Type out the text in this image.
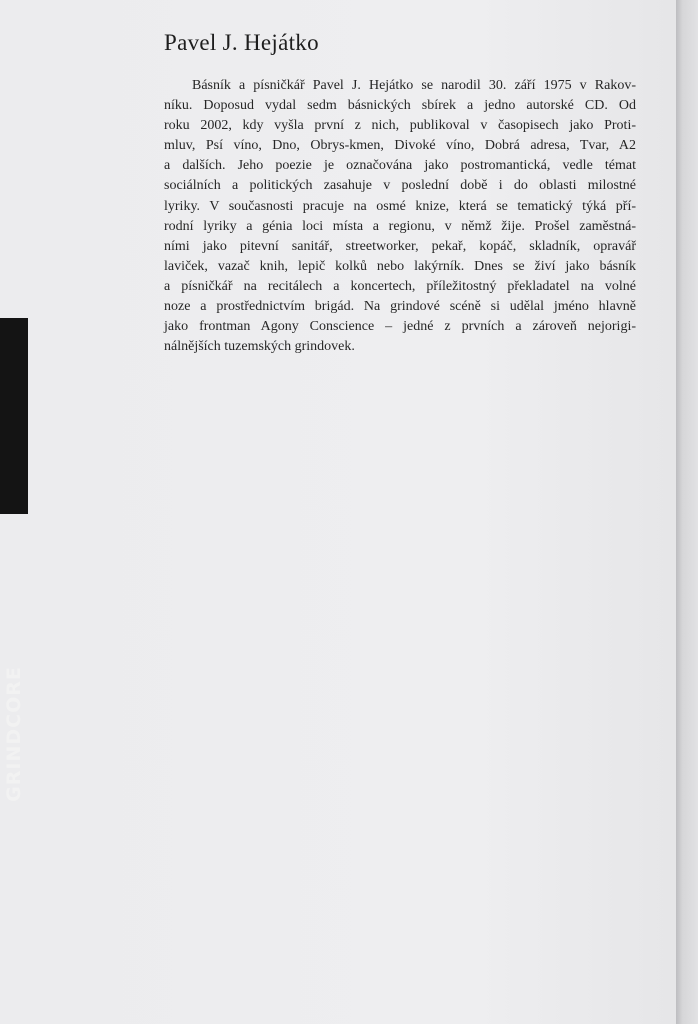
GRINDCORE
Pavel J. Hejátko
Básník a písničkář Pavel J. Hejátko se narodil 30. září 1975 v Rakov-
níku. Doposud vydal sedm básnických sbírek a jedno autorské CD. Od
roku 2002, kdy vyšla první z nich, publikoval v časopisech jako Proti-
mluv, Psí víno, Dno, Obrys-kmen, Divoké víno, Dobrá adresa, Tvar, A2
a dalších. Jeho poezie je označována jako postromantická, vedle témat
sociálních a politických zasahuje v poslední době i do oblasti milostné
lyriky. V současnosti pracuje na osmé knize, která se tematický týká pří-
rodní lyriky a génia loci místa a regionu, v němž žije. Prošel zaměstná-
ními jako pitevní sanitář, streetworker, pekař, kopáč, skladník, opravář
laviček, vazač knih, lepič kolků nebo lakýrník. Dnes se živí jako básník
a písničkář na recitálech a koncertech, příležitostný překladatel na volné
noze a prostřednictvím brigád. Na grindové scéně si udělal jméno hlavně
jako frontman Agony Conscience – jedné z prvních a zároveň nejorigi-
nálnějších tuzemských grindovek.
